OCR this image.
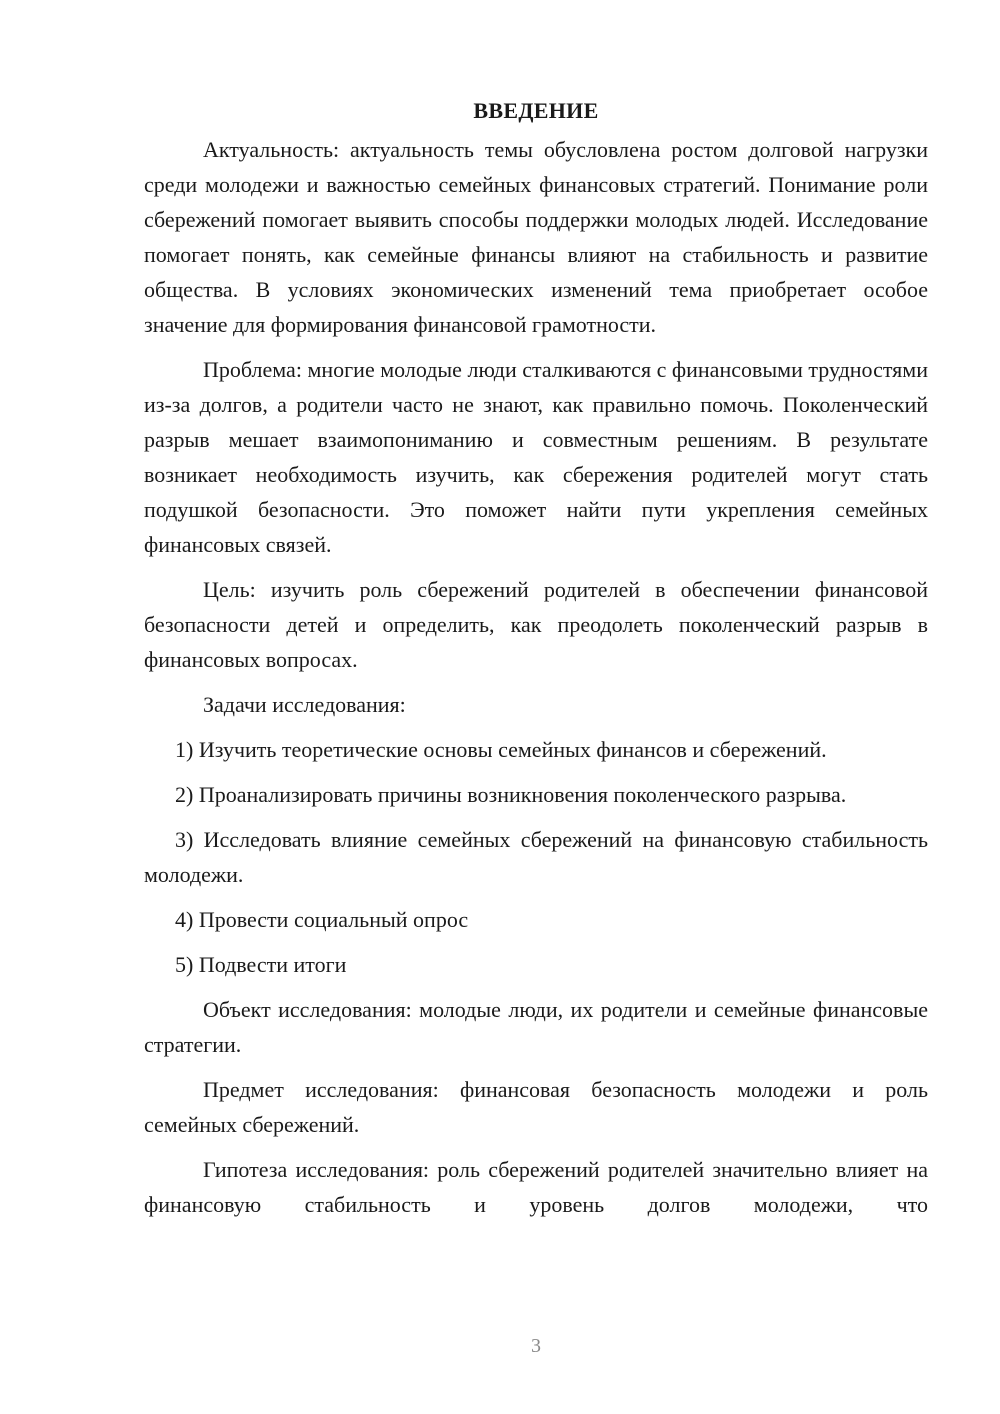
ВВЕДЕНИЕ

Актуальность: актуальность темы обусловлена ростом долговой нагрузки среди молодежи и важностью семейных финансовых стратегий. Понимание роли сбережений помогает выявить способы поддержки молодых людей. Исследование помогает понять, как семейные финансы влияют на стабильность и развитие общества. В условиях экономических изменений тема приобретает особое значение для формирования финансовой грамотности.

Проблема: многие молодые люди сталкиваются с финансовыми трудностями из-за долгов, а родители часто не знают, как правильно помочь. Поколенческий разрыв мешает взаимопониманию и совместным решениям. В результате возникает необходимость изучить, как сбережения родителей могут стать подушкой безопасности. Это поможет найти пути укрепления семейных финансовых связей.

Цель: изучить роль сбережений родителей в обеспечении финансовой безопасности детей и определить, как преодолеть поколенческий разрыв в финансовых вопросах.

Задачи исследования:

1) Изучить теоретические основы семейных финансов и сбережений.

2) Проанализировать причины возникновения поколенческого разрыва.

3) Исследовать влияние семейных сбережений на финансовую стабильность молодежи.

4) Провести социальный опрос

5) Подвести итоги

Объект исследования: молодые люди, их родители и семейные финансовые стратегии.

Предмет исследования: финансовая безопасность молодежи и роль семейных сбережений.

Гипотеза исследования: роль сбережений родителей значительно влияет на финансовую стабильность и уровень долгов молодежи, что

3
